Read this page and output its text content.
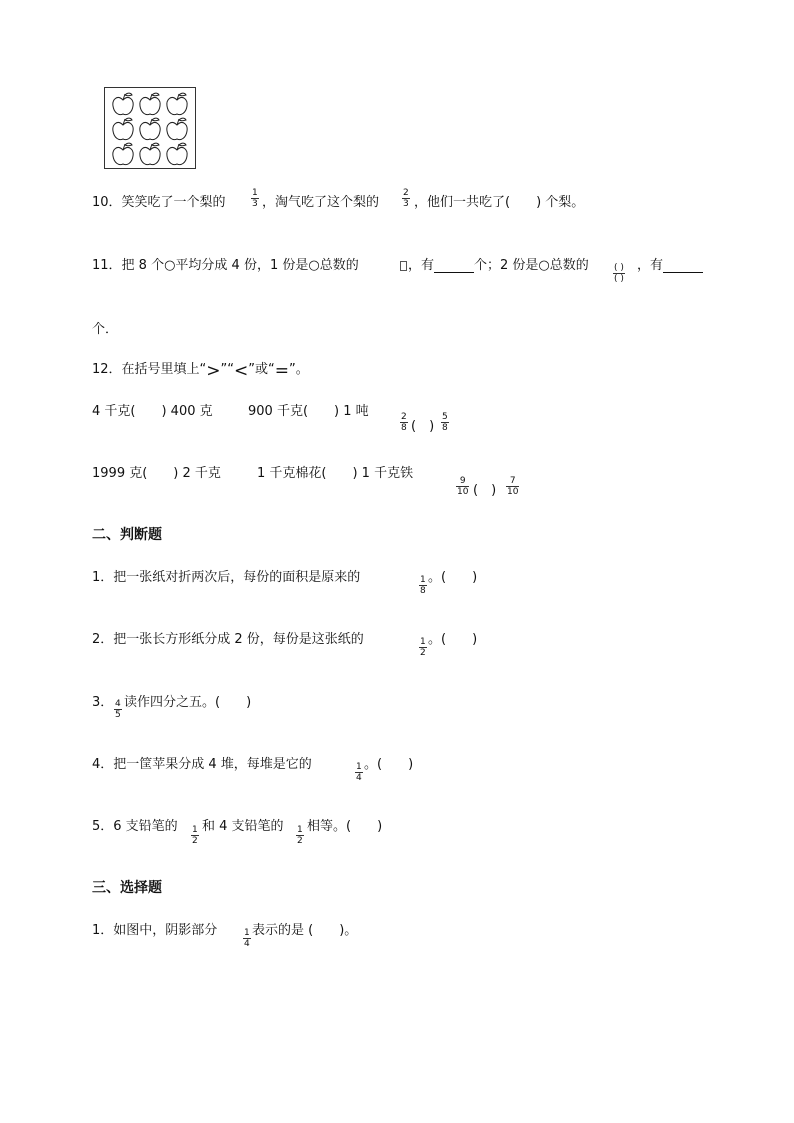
10．笑笑吃了一个梨的
1
3 ，淘气吃了这个梨的
2
3 ，他们一共吃了(　　) 个梨。
11．把 8 个○平均分成 4 份，1 份是○总数的	，有	个；2 份是○总数的	( )
( )
，有
个．
12．在括号里填上“>”“<”或“=”。
4 千克(　　) 400 克	900 千克(　　) 1 吨	2
8 (　)
5
8
1999 克(　　) 2 千克	1 千克棉花(　　) 1 千克铁	9
10 (　)
7
10
二、判断题
1．把一张纸对折两次后，每份的面积是原来的	1
8
。(　　)
2．把一张长方形纸分成 2 份，每份是这张纸的	1
2
。(　　)
3． 4
5
读作四分之五。(　　)
4．把一筐苹果分成 4 堆，每堆是它的	1
4
。(　　)
5．6 支铅笔的 1
2
和 4 支铅笔的 1
2
相等。(　　)
三、选择题
1．如图中，阴影部分	1
4
表示的是 (　　)。
